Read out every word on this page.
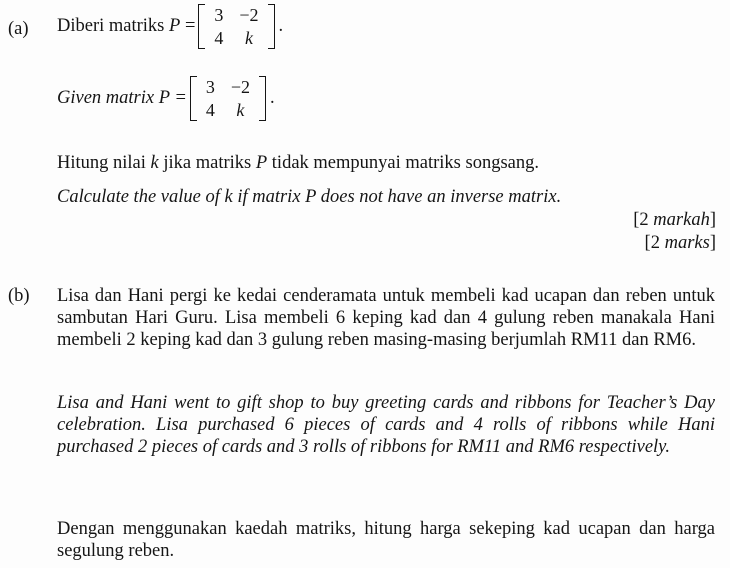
(a) Diberi matriks P =
3	−2
4	k
.
Given matrix P =
3	−2
4	k
.
Hitung nilai k jika matriks P tidak mempunyai matriks songsang.
Calculate the value of k if matrix P does not have an inverse matrix.
[2 markah]
[2 marks]
(b) Lisa dan Hani pergi ke kedai cenderamata untuk membeli kad ucapan dan reben untuk sambutan Hari Guru. Lisa membeli 6 keping kad dan 4 gulung reben manakala Hani membeli 2 keping kad dan 3 gulung reben masing-masing berjumlah RM11 dan RM6.
Lisa and Hani went to gift shop to buy greeting cards and ribbons for Teacher’s Day celebration. Lisa purchased 6 pieces of cards and 4 rolls of ribbons while Hani purchased 2 pieces of cards and 3 rolls of ribbons for RM11 and RM6 respectively.
Dengan menggunakan kaedah matriks, hitung harga sekeping kad ucapan dan harga segulung reben.
